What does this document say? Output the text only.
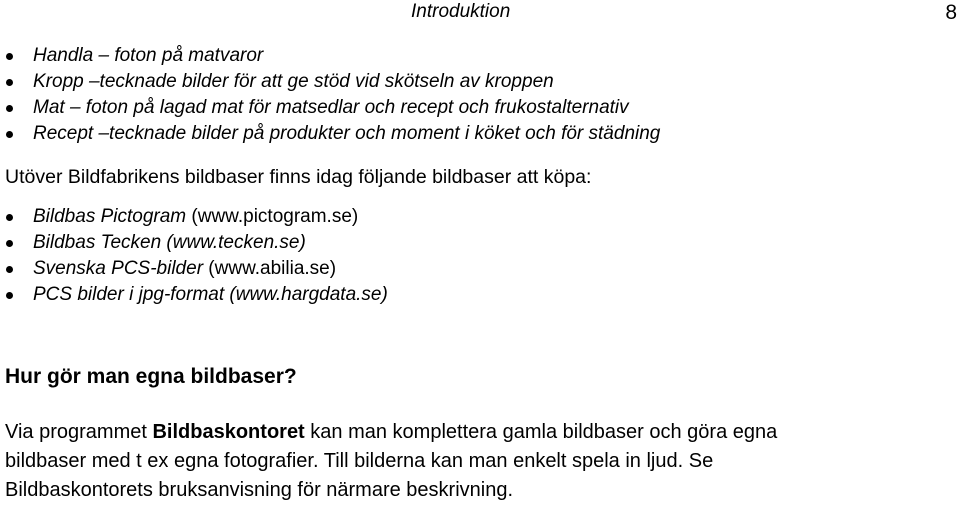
Introduktion	8
Handla – foton på matvaror
Kropp –tecknade bilder för att ge stöd vid skötseln av kroppen
Mat – foton på lagad mat för matsedlar och recept och frukostalternativ
Recept –tecknade bilder på produkter och moment i köket och för städning
Utöver Bildfabrikens bildbaser finns idag följande bildbaser att köpa:
Bildbas Pictogram (www.pictogram.se)
Bildbas Tecken (www.tecken.se)
Svenska PCS-bilder (www.abilia.se)
PCS bilder i jpg-format (www.hargdata.se)
Hur gör man egna bildbaser?
Via programmet Bildbaskontoret kan man komplettera gamla bildbaser och göra egna
bildbaser med t ex egna fotografier. Till bilderna kan man enkelt spela in ljud. Se
Bildbaskontorets bruksanvisning för närmare beskrivning.
